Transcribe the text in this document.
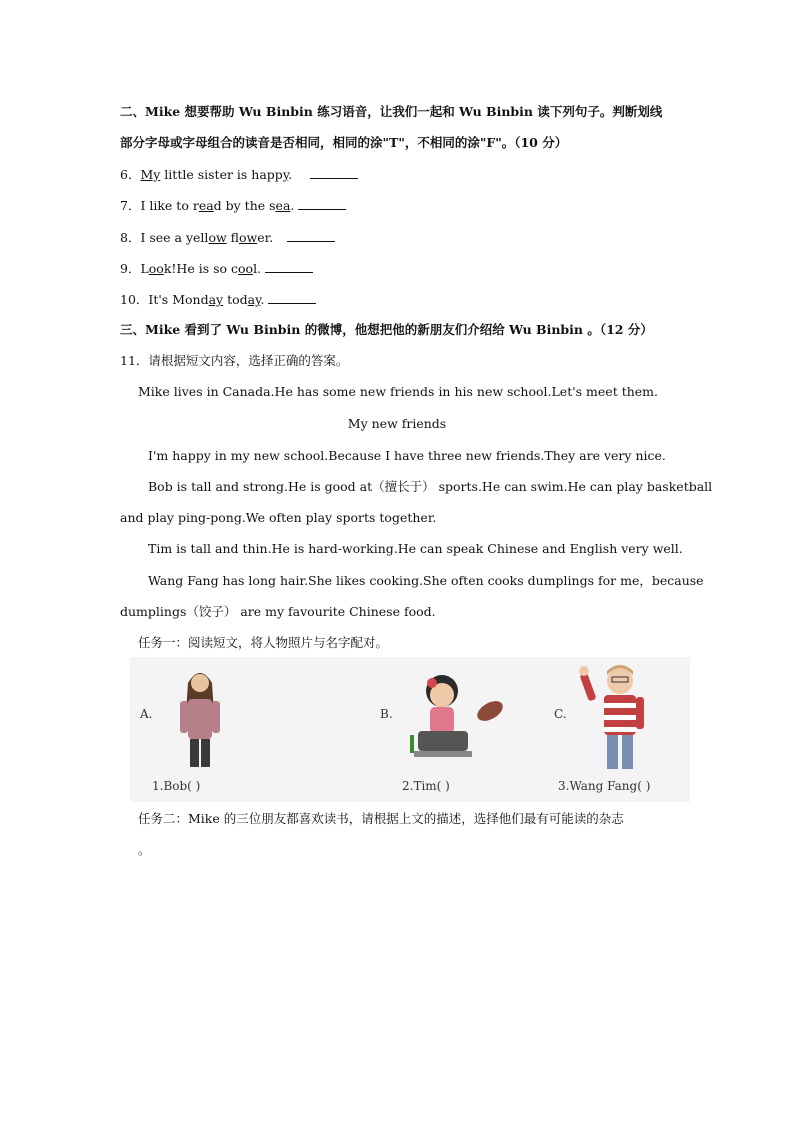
二、Mike 想要帮助 Wu Binbin 练习语音，让我们一起和 Wu Binbin 读下列句子。判断划线
部分字母或字母组合的读音是否相同，相同的涂"T"，不相同的涂"F"。（10 分）
6．My little sister is happy.
7．I like to read by the sea.
8．I see a yellow flower.
9．Look!He is so cool.
10．It's Monday today.
三、Mike 看到了 Wu Binbin 的微博，他想把他的新朋友们介绍给 Wu Binbin 。（12 分）
11．请根据短文内容，选择正确的答案。
Mike lives in Canada.He has some new friends in his new school.Let's meet them.
My new friends
I'm happy in my new school.Because I have three new friends.They are very nice.
Bob is tall and strong.He is good at（擅长于） sports.He can swim.He can play basketball
and play ping-pong.We often play sports together.
Tim is tall and thin.He is hard-working.He can speak Chinese and English very well.
Wang Fang has long hair.She likes cooking.She often cooks dumplings for me，because
dumplings（饺子） are my favourite Chinese food.
任务一：阅读短文，将人物照片与名字配对。
A.	B.	C.
1.Bob( )	2.Tim( )	3.Wang Fang( )
任务二：Mike 的三位朋友都喜欢读书，请根据上文的描述，选择他们最有可能读的杂志
。
